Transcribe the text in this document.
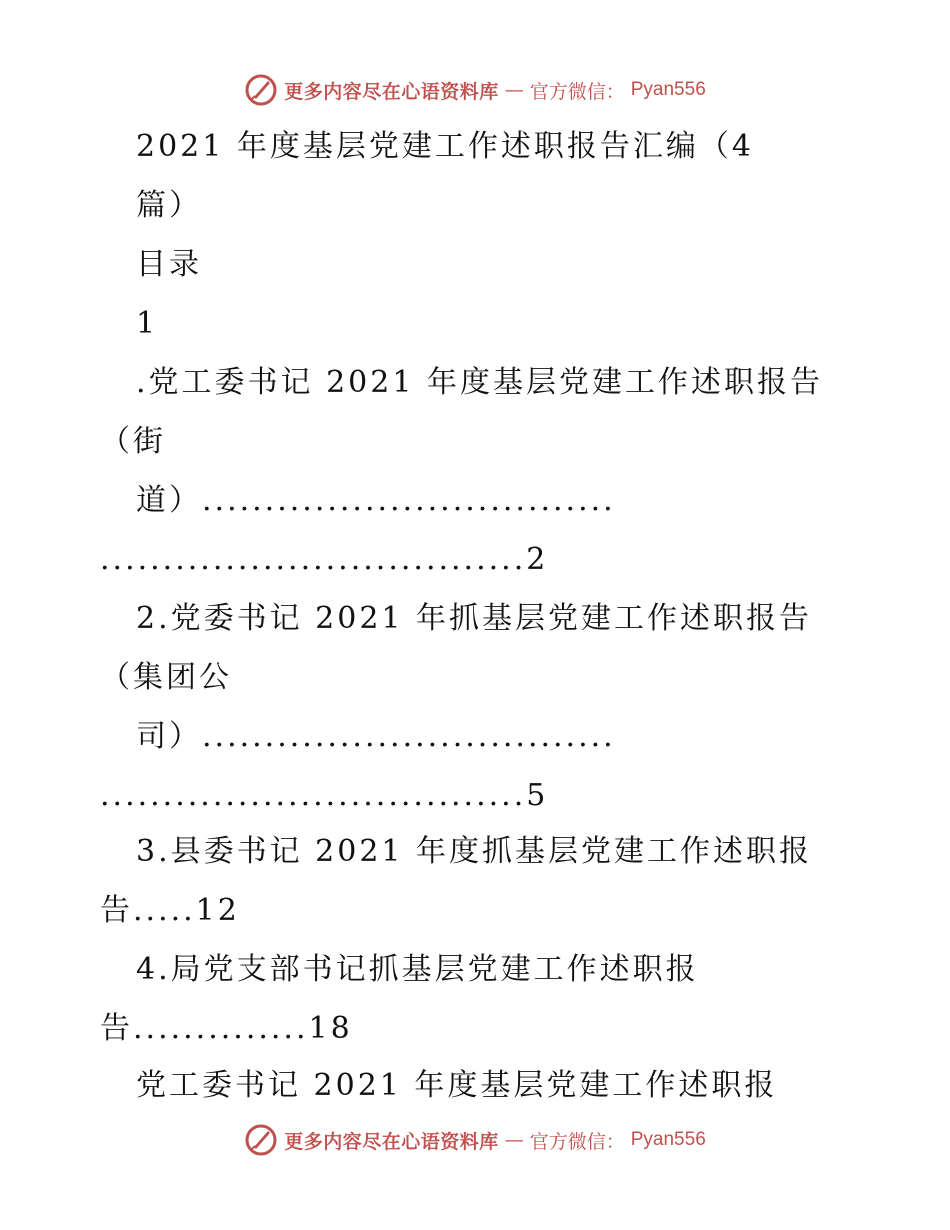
更多内容尽在心语资料库 — 官方微信： Pyan556
2021 年度基层党建工作述职报告汇编（4
篇）
目录
1
.党工委书记 2021 年度基层党建工作述职报告
（街
道）.................................
..................................2
2.党委书记 2021 年抓基层党建工作述职报告
（集团公
司）.................................
..................................5
3.县委书记 2021 年度抓基层党建工作述职报
告.....12
4.局党支部书记抓基层党建工作述职报
告..............18
党工委书记 2021 年度基层党建工作述职报
更多内容尽在心语资料库 — 官方微信： Pyan556
